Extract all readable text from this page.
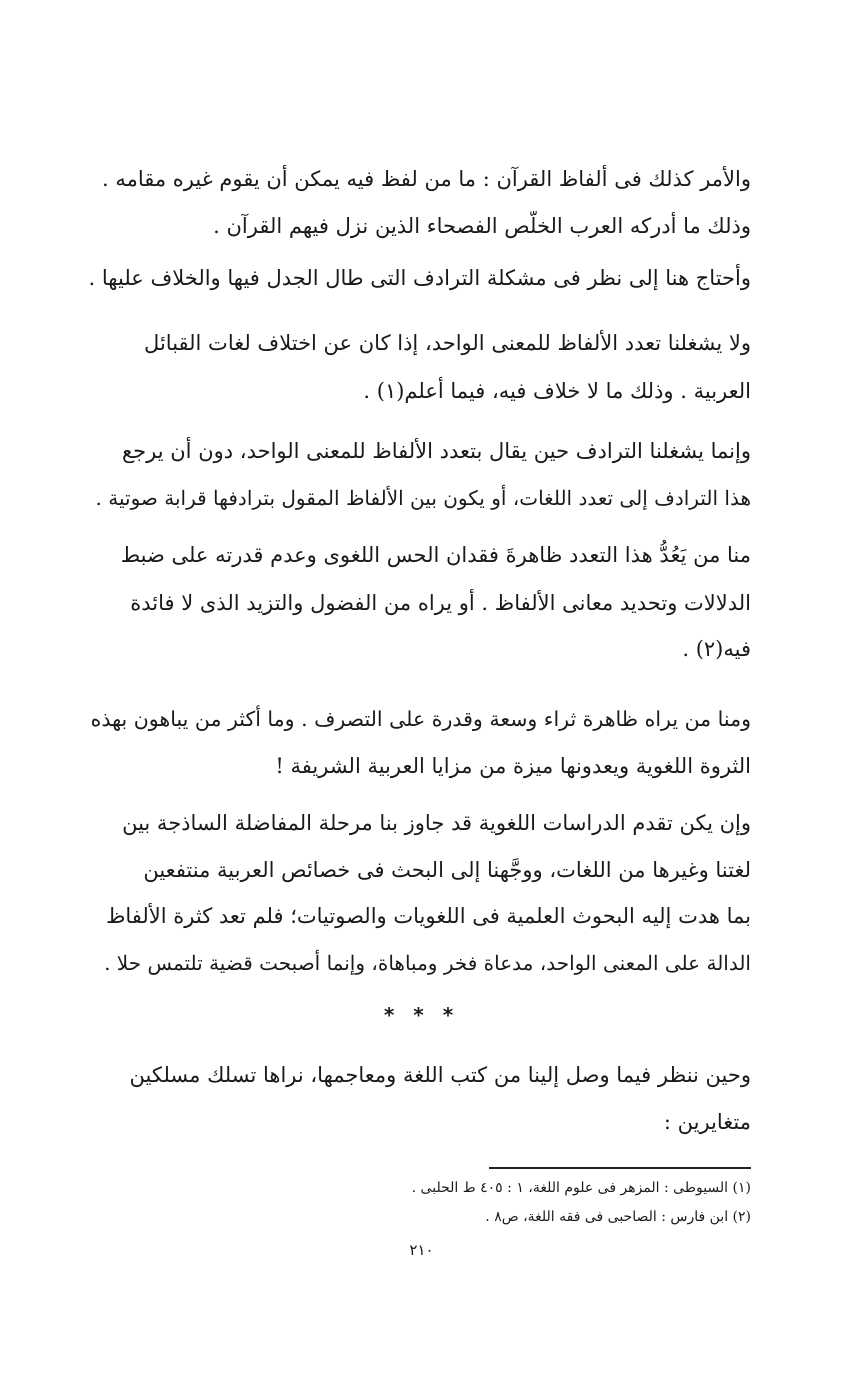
والأمر كذلك فى ألفاظ القرآن : ما من لفظ فيه يمكن أن يقوم غيره مقامه .
وذلك ما أدركه العرب الخلَّص الفصحاء الذين نزل فيهم القرآن .
وأحتاج هنا إلى نظر فى مشكلة الترادف التى طال الجدل فيها والخلاف عليها .
ولا يشغلنا تعدد الألفاظ للمعنى الواحد، إذا كان عن اختلاف لغات القبائل
العربية . وذلك ما لا خلاف فيه، فيما أعلم(١) .
وإنما يشغلنا الترادف حين يقال بتعدد الألفاظ للمعنى الواحد، دون أن يرجع
هذا الترادف إلى تعدد اللغات، أو يكون بين الألفاظ المقول بترادفها قرابة صوتية .
منا من يَعُدُّ هذا التعدد ظاهرةَ فقدان الحس اللغوى وعدم قدرته على ضبط
الدلالات وتحديد معانى الألفاظ . أو يراه من الفضول والتزيد الذى لا فائدة
فيه(٢) .
ومنا من يراه ظاهرة ثراء وسعة وقدرة على التصرف . وما أكثر من يباهون بهذه
الثروة اللغوية ويعدونها ميزة من مزايا العربية الشريفة !
وإن يكن تقدم الدراسات اللغوية قد جاوز بنا مرحلة المفاضلة الساذجة بين
لغتنا وغيرها من اللغات، ووجَّهنا إلى البحث فى خصائص العربية منتفعين
بما هدت إليه البحوث العلمية فى اللغويات والصوتيات؛ فلم تعد كثرة الألفاظ
الدالة على المعنى الواحد، مدعاة فخر ومباهاة، وإنما أصبحت قضية تلتمس حلا .
* * *
وحين ننظر فيما وصل إلينا من كتب اللغة ومعاجمها، نراها تسلك مسلكين
متغايرين :
(١) السيوطى : المزهر فى علوم اللغة، ١ : ٤٠٥ ط الحلبى .
(٢) ابن فارس : الصاحبى فى فقه اللغة، ص٨ .
٢١٠
